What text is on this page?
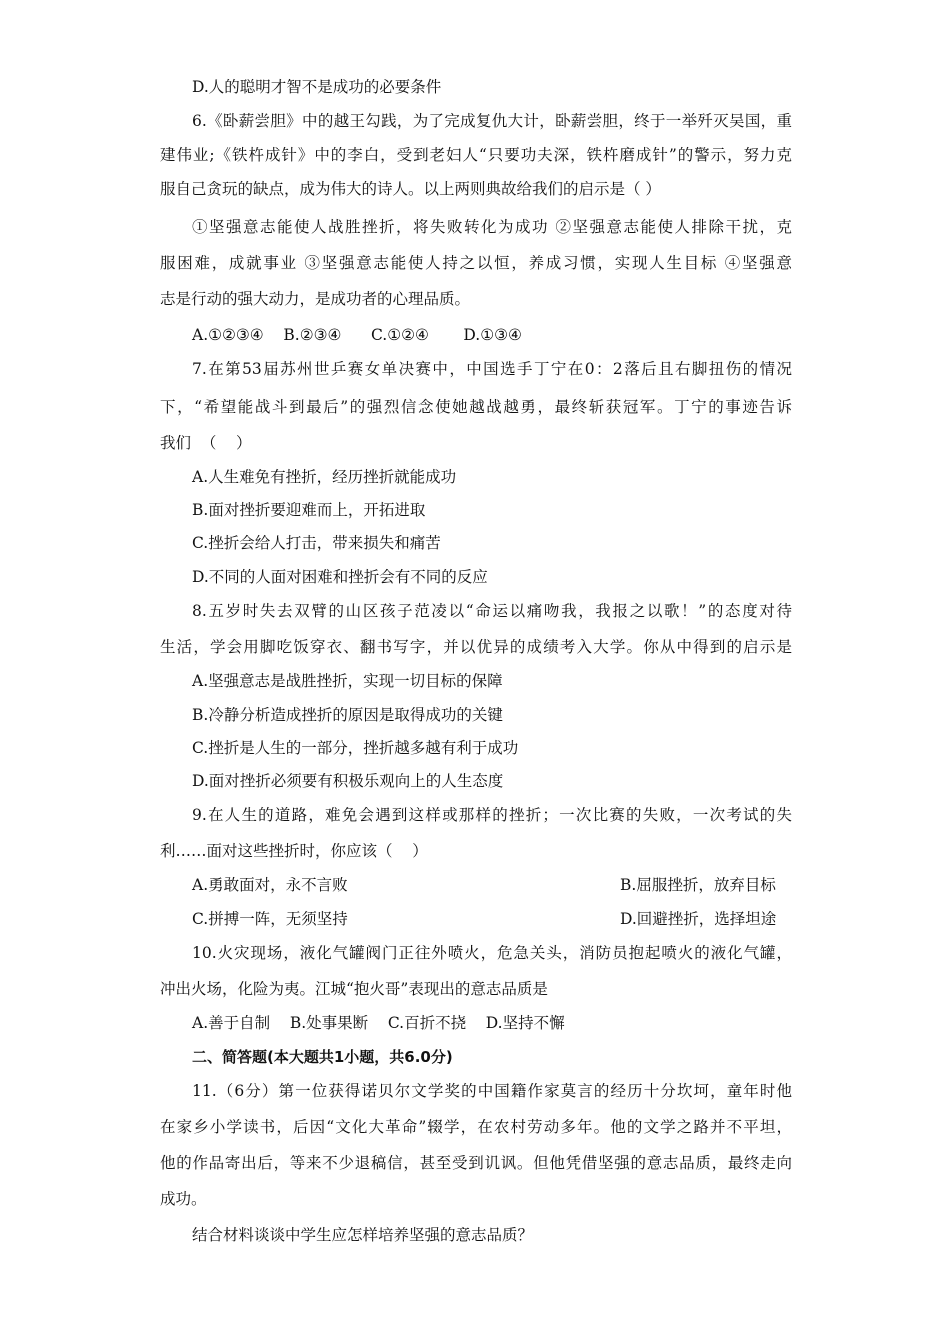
D.人的聪明才智不是成功的必要条件
6.《卧薪尝胆》中的越王勾践，为了完成复仇大计，卧薪尝胆，终于一举歼灭吴国，重
建伟业;《铁杵成针》中的李白，受到老妇人“只要功夫深，铁杵磨成针”的警示，努力克
服自己贪玩的缺点，成为伟大的诗人。以上两则典故给我们的启示是（ ）
①坚强意志能使人战胜挫折，将失败转化为成功 ②坚强意志能使人排除干扰，克
服困难，成就事业 ③坚强意志能使人持之以恒，养成习惯，实现人生目标 ④坚强意
志是行动的强大动力，是成功者的心理品质。
A.①②③④    B.②③④      C.①②④       D.①③④
7.在第53届苏州世乒赛女单决赛中，中国选手丁宁在0：2落后且右脚扭伤的情况
下，“希望能战斗到最后”的强烈信念使她越战越勇，最终斩获冠军。丁宁的事迹告诉
我们  （    ）
A.人生难免有挫折，经历挫折就能成功
B.面对挫折要迎难而上，开拓进取
C.挫折会给人打击，带来损失和痛苦
D.不同的人面对困难和挫折会有不同的反应
8.五岁时失去双臂的山区孩子范凌以“命运以痛吻我，我报之以歌！”的态度对待
生活，学会用脚吃饭穿衣、翻书写字，并以优异的成绩考入大学。你从中得到的启示是
A.坚强意志是战胜挫折，实现一切目标的保障
B.冷静分析造成挫折的原因是取得成功的关键
C.挫折是人生的一部分，挫折越多越有利于成功
D.面对挫折必须要有积极乐观向上的人生态度
9.在人生的道路，难免会遇到这样或那样的挫折；一次比赛的失败，一次考试的失
利……面对这些挫折时，你应该（    ）
A.勇敢面对，永不言败	B.屈服挫折，放弃目标
C.拼搏一阵，无须坚持	D.回避挫折，选择坦途
10.火灾现场，液化气罐阀门正往外喷火，危急关头，消防员抱起喷火的液化气罐，
冲出火场，化险为夷。江城“抱火哥”表现出的意志品质是
A.善于自制    B.处事果断    C.百折不挠    D.坚持不懈
二、简答题(本大题共1小题，共6.0分)
11.（6分）第一位获得诺贝尔文学奖的中国籍作家莫言的经历十分坎坷，童年时他
在家乡小学读书，后因“文化大革命”辍学，在农村劳动多年。他的文学之路并不平坦，
他的作品寄出后，等来不少退稿信，甚至受到讥讽。但他凭借坚强的意志品质，最终走向
成功。
结合材料谈谈中学生应怎样培养坚强的意志品质？
